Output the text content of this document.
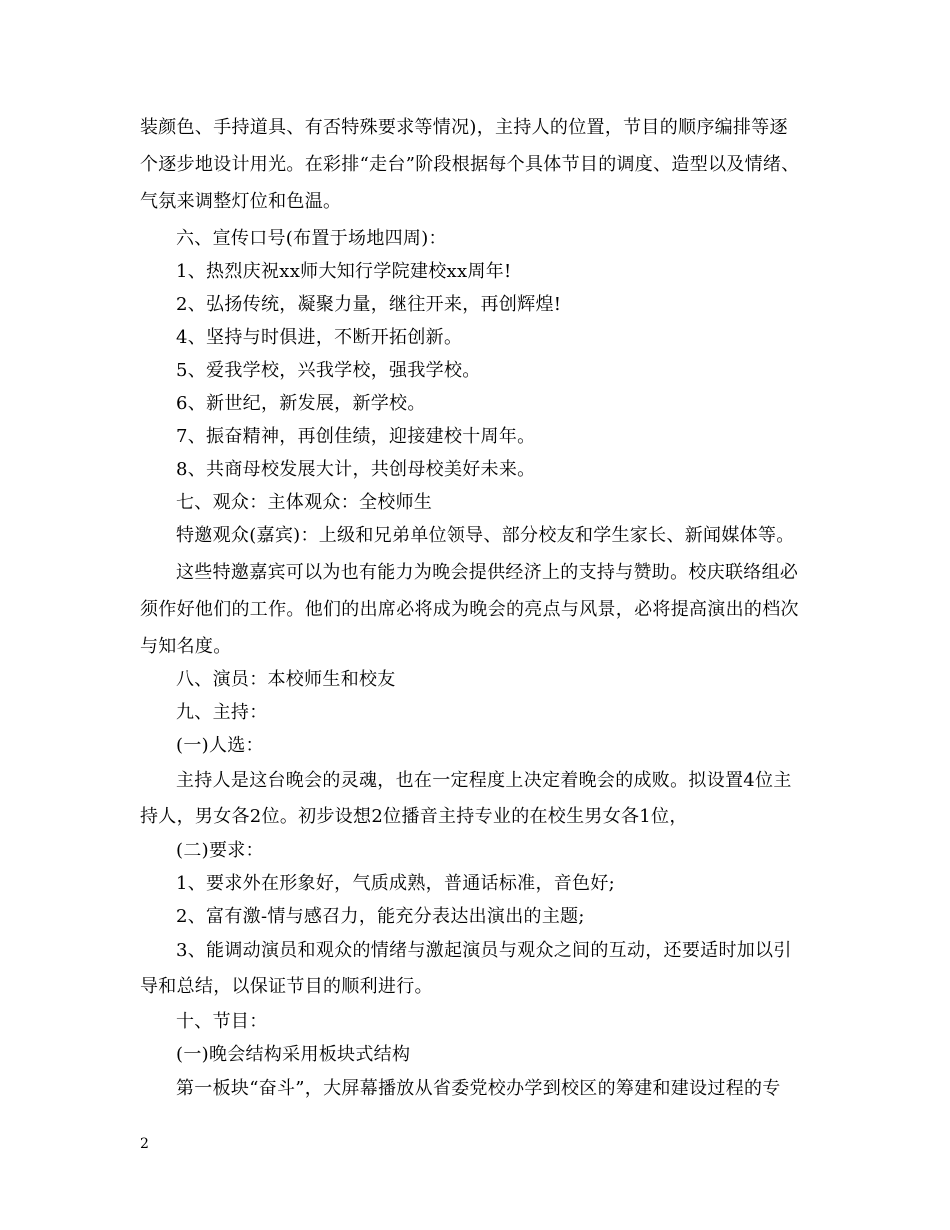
装颜色、手持道具、有否特殊要求等情况)，主持人的位置，节目的顺序编排等逐
个逐步地设计用光。在彩排“走台”阶段根据每个具体节目的调度、造型以及情绪、
气氛来调整灯位和色温。
六、宣传口号(布置于场地四周)：
1、热烈庆祝xx师大知行学院建校xx周年!
2、弘扬传统，凝聚力量，继往开来，再创辉煌!
4、坚持与时俱进，不断开拓创新。
5、爱我学校，兴我学校，强我学校。
6、新世纪，新发展，新学校。
7、振奋精神，再创佳绩，迎接建校十周年。
8、共商母校发展大计，共创母校美好未来。
七、观众：主体观众：全校师生
特邀观众(嘉宾)：上级和兄弟单位领导、部分校友和学生家长、新闻媒体等。
这些特邀嘉宾可以为也有能力为晚会提供经济上的支持与赞助。校庆联络组必
须作好他们的工作。他们的出席必将成为晚会的亮点与风景，必将提高演出的档次
与知名度。
八、演员：本校师生和校友
九、主持：
(一)人选：
主持人是这台晚会的灵魂，也在一定程度上决定着晚会的成败。拟设置4位主
持人，男女各2位。初步设想2位播音主持专业的在校生男女各1位，
(二)要求：
1、要求外在形象好，气质成熟，普通话标准，音色好;
2、富有激-情与感召力，能充分表达出演出的主题;
3、能调动演员和观众的情绪与激起演员与观众之间的互动，还要适时加以引
导和总结，以保证节目的顺利进行。
十、节目：
(一)晚会结构采用板块式结构
第一板块“奋斗”，大屏幕播放从省委党校办学到校区的筹建和建设过程的专
2
